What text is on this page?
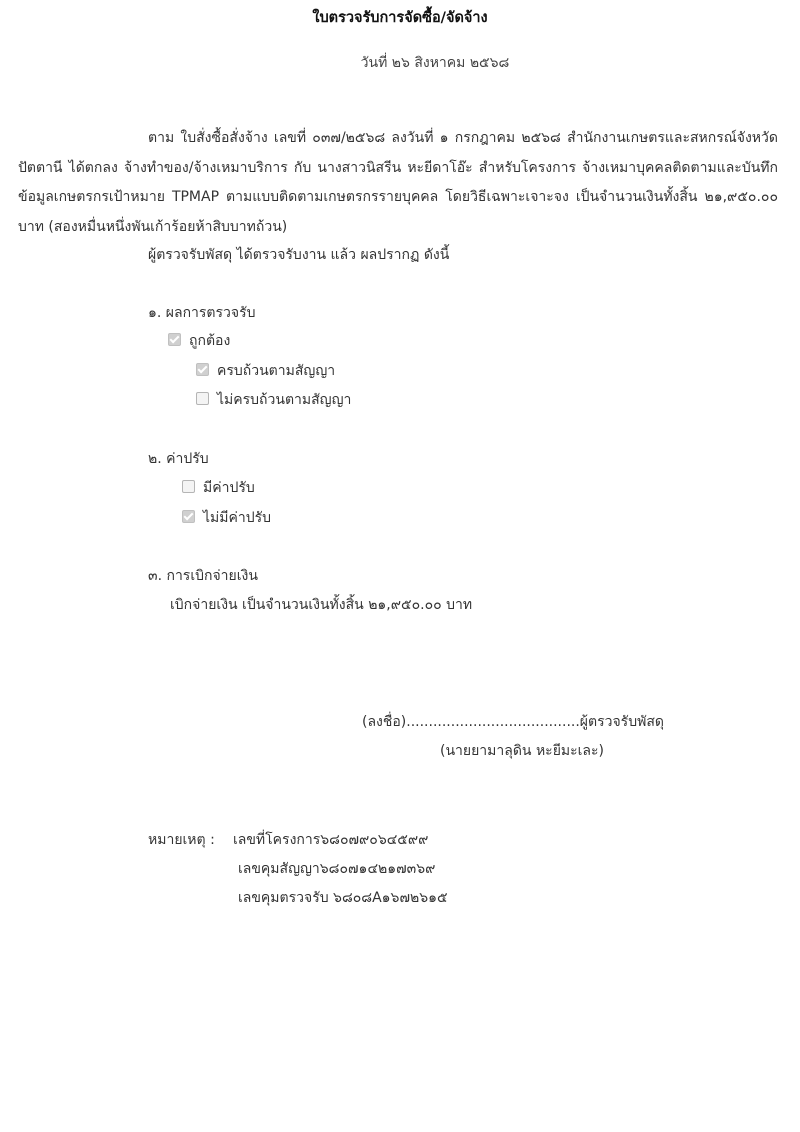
ใบตรวจรับการจัดซื้อ/จัดจ้าง
วันที่ ๒๖ สิงหาคม ๒๕๖๘
ตาม ใบสั่งซื้อสั่งจ้าง เลขที่ ๐๓๗/๒๕๖๘ ลงวันที่ ๑ กรกฎาคม ๒๕๖๘ สำนักงานเกษตรและสหกรณ์จังหวัดปัตตานี ได้ตกลง จ้างทำของ/จ้างเหมาบริการ กับ นางสาวนิสรีน หะยีดาโอ๊ะ สำหรับโครงการ จ้างเหมาบุคคลติดตามและบันทึกข้อมูลเกษตรกรเป้าหมาย TPMAP ตามแบบติดตามเกษตรกรรายบุคคล โดยวิธีเฉพาะเจาะจง เป็นจำนวนเงินทั้งสิ้น ๒๑,๙๕๐.๐๐ บาท (สองหมื่นหนึ่งพันเก้าร้อยห้าสิบบาทถ้วน)
ผู้ตรวจรับพัสดุ ได้ตรวจรับงาน แล้ว ผลปรากฏ ดังนี้
๑. ผลการตรวจรับ
ถูกต้อง
ครบถ้วนตามสัญญา
ไม่ครบถ้วนตามสัญญา
๒. ค่าปรับ
มีค่าปรับ
ไม่มีค่าปรับ
๓. การเบิกจ่ายเงิน
เบิกจ่ายเงิน เป็นจำนวนเงินทั้งสิ้น ๒๑,๙๕๐.๐๐ บาท
(ลงชื่อ).......................................ผู้ตรวจรับพัสดุ
(นายยามาลุดิน หะยีมะเละ)
หมายเหตุ : เลขที่โครงการ๖๘๐๗๙๐๖๔๕๙๙
เลขคุมสัญญา๖๘๐๗๑๔๒๑๗๓๖๙
เลขคุมตรวจรับ ๖๘๐๘A๑๖๗๒๖๑๕
